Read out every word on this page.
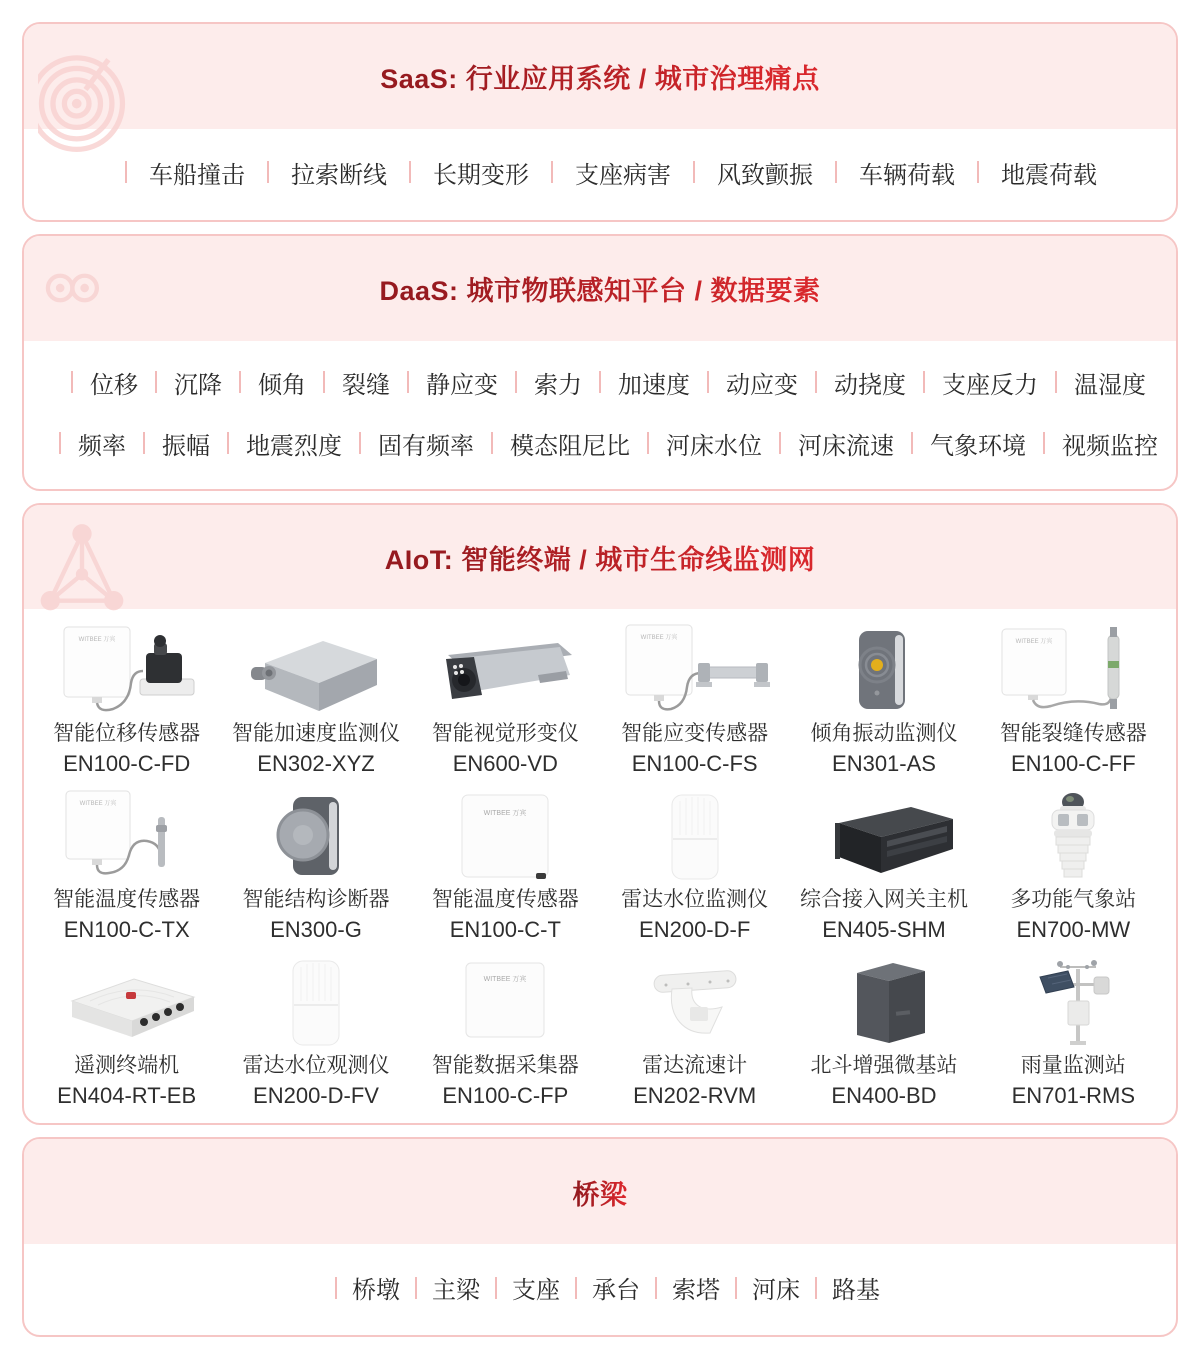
SaaS: 行业应用系统 / 城市治理痛点
车船撞击 拉索断线 长期变形 支座病害 风致颤振 车辆荷载 地震荷载
DaaS: 城市物联感知平台 / 数据要素
位移 沉降 倾角 裂缝 静应变 索力 加速度 动应变 动挠度 支座反力 温湿度
频率 振幅 地震烈度 固有频率 模态阻尼比 河床水位 河床流速 气象环境 视频监控
AIoT: 智能终端 / 城市生命线监测网
WITBEE 万宾
智能位移传感器
EN100-C-FD
智能加速度监测仪
EN302-XYZ
智能视觉形变仪
EN600-VD
WITBEE 万宾
智能应变传感器
EN100-C-FS
倾角振动监测仪
EN301-AS
WITBEE 万宾
智能裂缝传感器
EN100-C-FF
WITBEE 万宾
智能温度传感器
EN100-C-TX
智能结构诊断器
EN300-G
WITBEE 万宾
智能温度传感器
EN100-C-T
雷达水位监测仪
EN200-D-F
综合接入网关主机
EN405-SHM
多功能气象站
EN700-MW
遥测终端机
EN404-RT-EB
雷达水位观测仪
EN200-D-FV
WITBEE 万宾
智能数据采集器
EN100-C-FP
雷达流速计
EN202-RVM
北斗增强微基站
EN400-BD
雨量监测站
EN701-RMS
桥梁
桥墩 主梁 支座 承台 索塔 河床 路基
